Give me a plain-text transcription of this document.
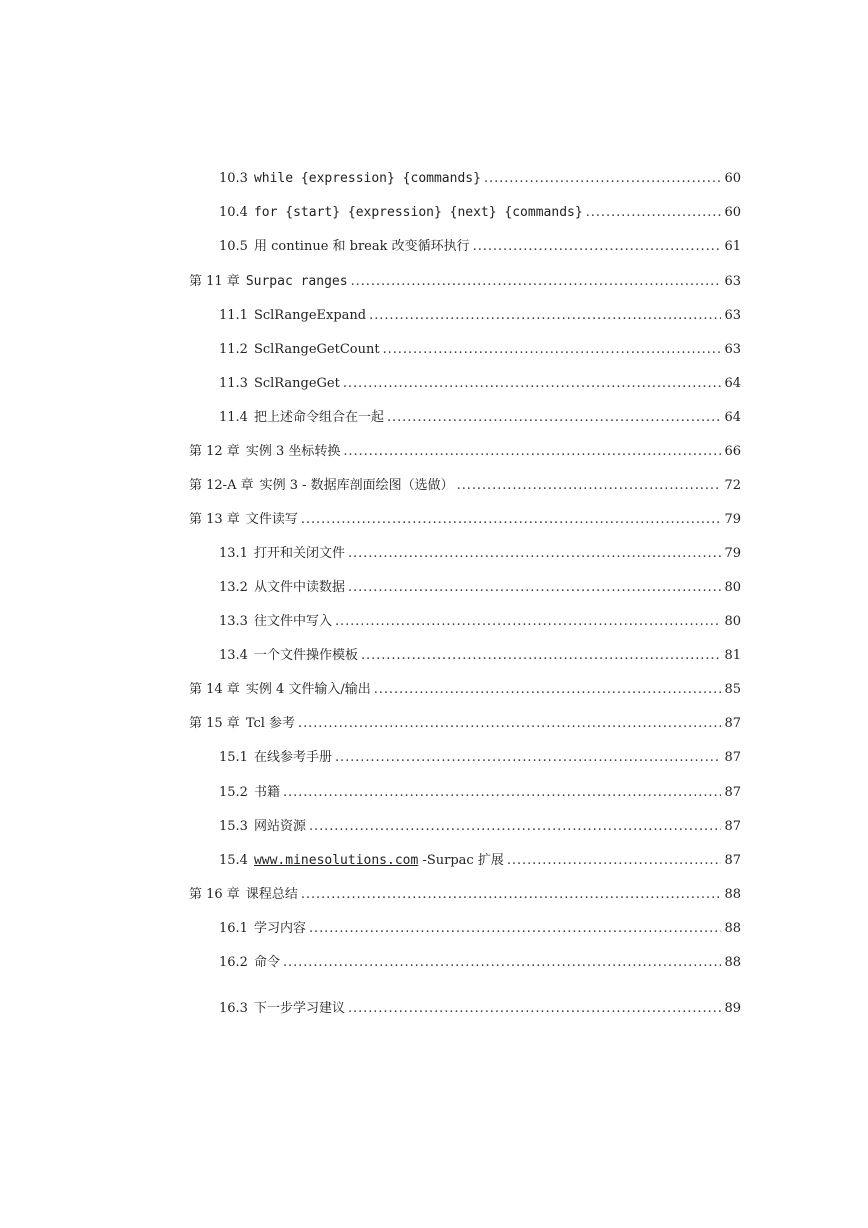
10.3 while {expression} {commands} . . .	60
10.4 for {start} {expression} {next} {commands} . . .	60
10.5 用 continue 和 break 改变循环执行 . . .	61
第 11 章 Surpac ranges . . .	63
11.1 SclRangeExpand . . .	63
11.2 SclRangeGetCount . . .	63
11.3 SclRangeGet . . .	64
11.4 把上述命令组合在一起 . . .	64
第 12 章 实例 3 坐标转换 . . .	66
第 12-A 章 实例 3 - 数据库剖面绘图（选做） . . .	72
第 13 章 文件读写 . . .	79
13.1 打开和关闭文件 . . .	79
13.2 从文件中读数据 . . .	80
13.3 往文件中写入 . . .	80
13.4 一个文件操作模板 . . .	81
第 14 章 实例 4 文件输入/输出 . . .	85
第 15 章 Tcl 参考 . . .	87
15.1 在线参考手册 . . .	87
15.2 书籍 . . .	87
15.3 网站资源 . . .	87
15.4 www.minesolutions.com -Surpac 扩展 . . .	87
第 16 章 课程总结 . . .	88
16.1 学习内容 . . .	88
16.2 命令 . . .	88
16.3 下一步学习建议 . . .	89
